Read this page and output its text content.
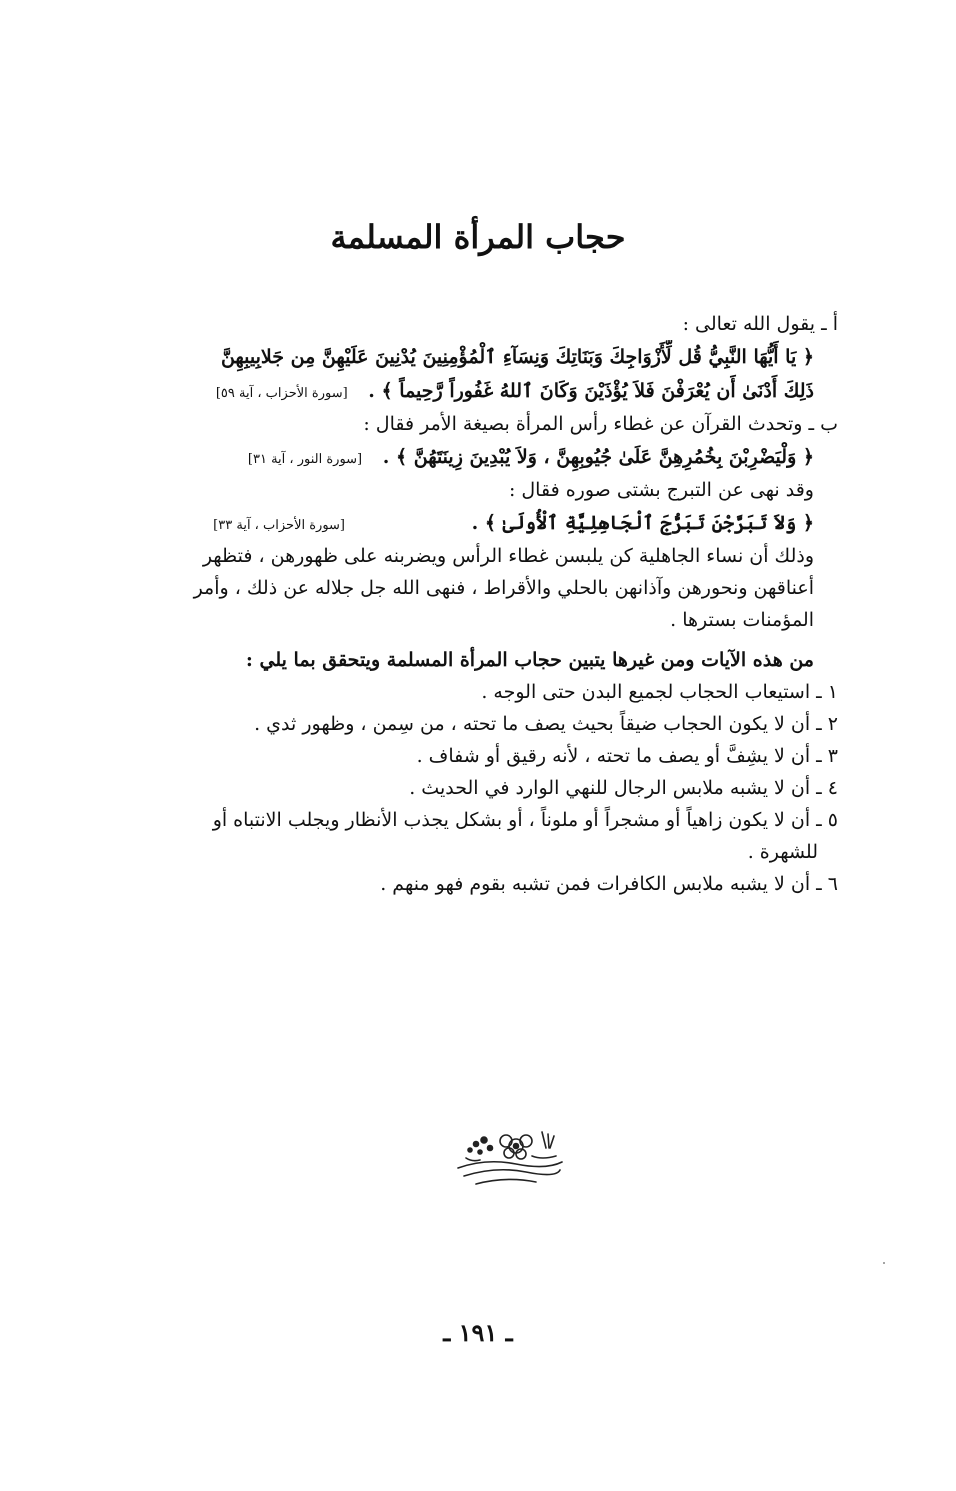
حجاب المرأة المسلمة
أ ـ يقول الله تعالى :
﴿ يَا أَيُّهَا النَّبِيُّ قُل لِّأَزْوَاجِكَ وَبَنَاتِكَ وَنِسَآءِ ٱلْمُؤْمِنِينَ يُدْنِينَ عَلَيْهِنَّ مِن جَلابِيبِهِنَّ
ذَلِكَ أَدْنَىٰ أَن يُعْرَفْنَ فَلاَ يُؤْذَيْنَ وَكَانَ ٱللهُ غَفُوراً رَّحِيماً ﴾ . [سورة الأحزاب ، آية ٥٩]
ب ـ وتحدث القرآن عن غطاء رأس المرأة بصيغة الأمر فقال :
﴿ وَلْيَضْرِبْنَ بِخُمُرِهِنَّ عَلَىٰ جُيُوبِهِنَّ ، وَلاَ يُبْدِينَ زِينَتَهُنَّ ﴾ . [سورة النور ، آية ٣١]
وقد نهى عن التبرج بشتى صوره فقال :
﴿ وَلاَ تَبَرَّجْنَ تَبَرُّجَ ٱلْجَاهِلِيَّةِ ٱلْأُولَىٰ ﴾ . [سورة الأحزاب ، آية ٣٣]
وذلك أن نساء الجاهلية كن يلبسن غطاء الرأس ويضربنه على ظهورهن ، فتظهر
أعناقهن ونحورهن وآذانهن بالحلي والأقراط ، فنهى الله جل جلاله عن ذلك ، وأمر
المؤمنات بسترها .
من هذه الآيات ومن غيرها يتبين حجاب المرأة المسلمة ويتحقق بما يلي :
١ ـ استيعاب الحجاب لجميع البدن حتى الوجه .
٢ ـ أن لا يكون الحجاب ضيقاً بحيث يصف ما تحته ، من سِمن ، وظهور ثدي .
٣ ـ أن لا يشِفَّ أو يصف ما تحته ، لأنه رقيق أو شفاف .
٤ ـ أن لا يشبه ملابس الرجال للنهي الوارد في الحديث .
٥ ـ أن لا يكون زاهياً أو مشجراً أو ملوناً ، أو بشكل يجذب الأنظار ويجلب الانتباه أو
للشهرة .
٦ ـ أن لا يشبه ملابس الكافرات فمن تشبه بقوم فهو منهم .
ـ ١٩١ ـ
